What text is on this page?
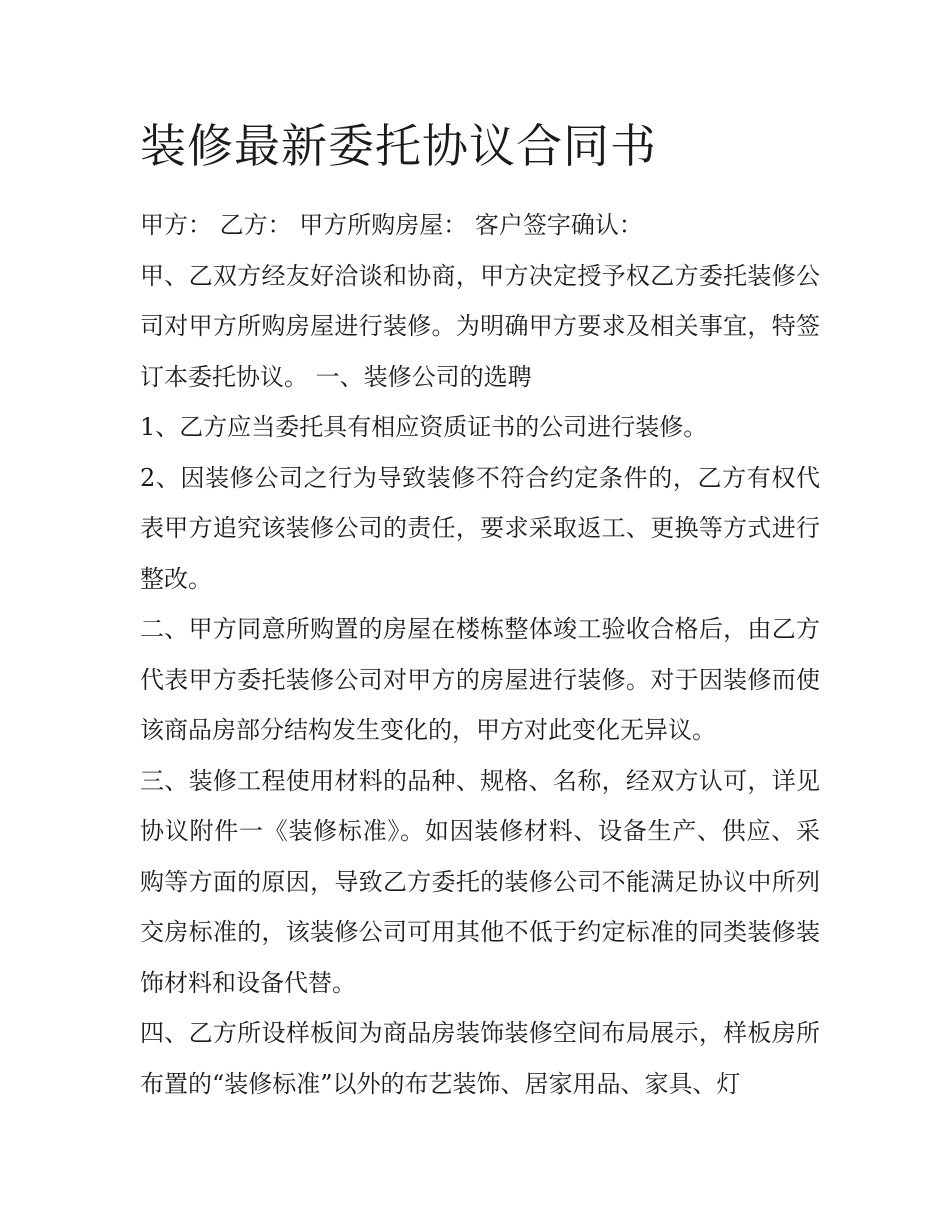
装修最新委托协议合同书

甲方： 乙方： 甲方所购房屋： 客户签字确认：

甲、乙双方经友好洽谈和协商，甲方决定授予权乙方委托装修公司对甲方所购房屋进行装修。为明确甲方要求及相关事宜，特签订本委托协议。 一、装修公司的选聘

1、乙方应当委托具有相应资质证书的公司进行装修。

2、因装修公司之行为导致装修不符合约定条件的，乙方有权代表甲方追究该装修公司的责任，要求采取返工、更换等方式进行整改。

二、甲方同意所购置的房屋在楼栋整体竣工验收合格后，由乙方代表甲方委托装修公司对甲方的房屋进行装修。对于因装修而使该商品房部分结构发生变化的，甲方对此变化无异议。

三、装修工程使用材料的品种、规格、名称，经双方认可，详见协议附件一《装修标准》。如因装修材料、设备生产、供应、采购等方面的原因，导致乙方委托的装修公司不能满足协议中所列交房标准的，该装修公司可用其他不低于约定标准的同类装修装饰材料和设备代替。

四、乙方所设样板间为商品房装饰装修空间布局展示，样板房所布置的“装修标准”以外的布艺装饰、居家用品、家具、灯
